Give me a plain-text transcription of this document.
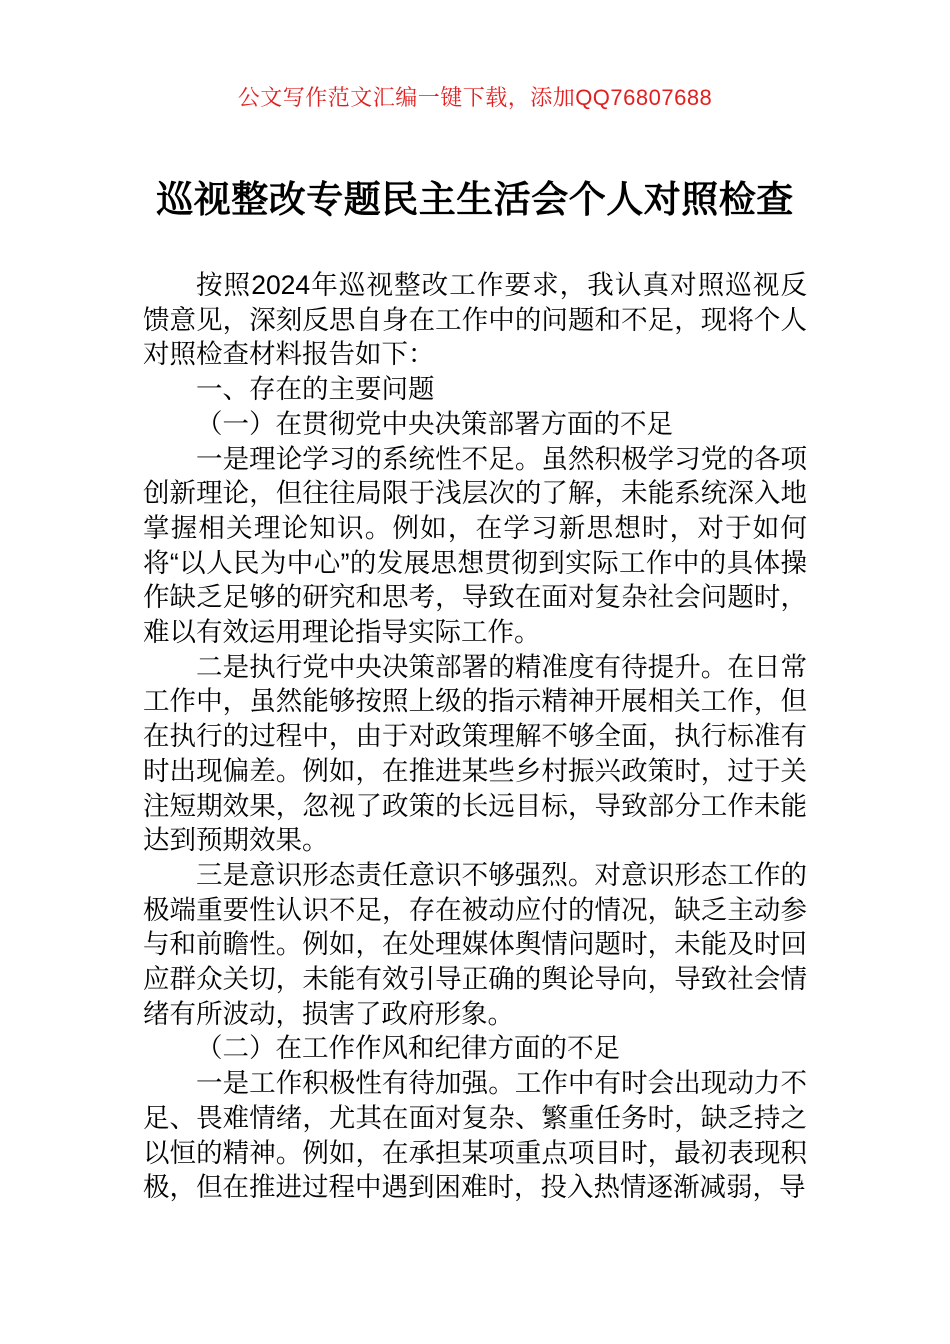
公文写作范文汇编一键下载，添加QQ76807688
巡视整改专题民主生活会个人对照检查
按照2024年巡视整改工作要求，我认真对照巡视反馈意见，深刻反思自身在工作中的问题和不足，现将个人对照检查材料报告如下：
一、存在的主要问题
（一）在贯彻党中央决策部署方面的不足
一是理论学习的系统性不足。虽然积极学习党的各项创新理论，但往往局限于浅层次的了解，未能系统深入地掌握相关理论知识。例如，在学习新思想时，对于如何将“以人民为中心”的发展思想贯彻到实际工作中的具体操作缺乏足够的研究和思考，导致在面对复杂社会问题时，难以有效运用理论指导实际工作。
二是执行党中央决策部署的精准度有待提升。在日常工作中，虽然能够按照上级的指示精神开展相关工作，但在执行的过程中，由于对政策理解不够全面，执行标准有时出现偏差。例如，在推进某些乡村振兴政策时，过于关注短期效果，忽视了政策的长远目标，导致部分工作未能达到预期效果。
三是意识形态责任意识不够强烈。对意识形态工作的极端重要性认识不足，存在被动应付的情况，缺乏主动参与和前瞻性。例如，在处理媒体舆情问题时，未能及时回应群众关切，未能有效引导正确的舆论导向，导致社会情绪有所波动，损害了政府形象。
（二）在工作作风和纪律方面的不足
一是工作积极性有待加强。工作中有时会出现动力不足、畏难情绪，尤其在面对复杂、繁重任务时，缺乏持之以恒的精神。例如，在承担某项重点项目时，最初表现积极，但在推进过程中遇到困难时，投入热情逐渐减弱，导
